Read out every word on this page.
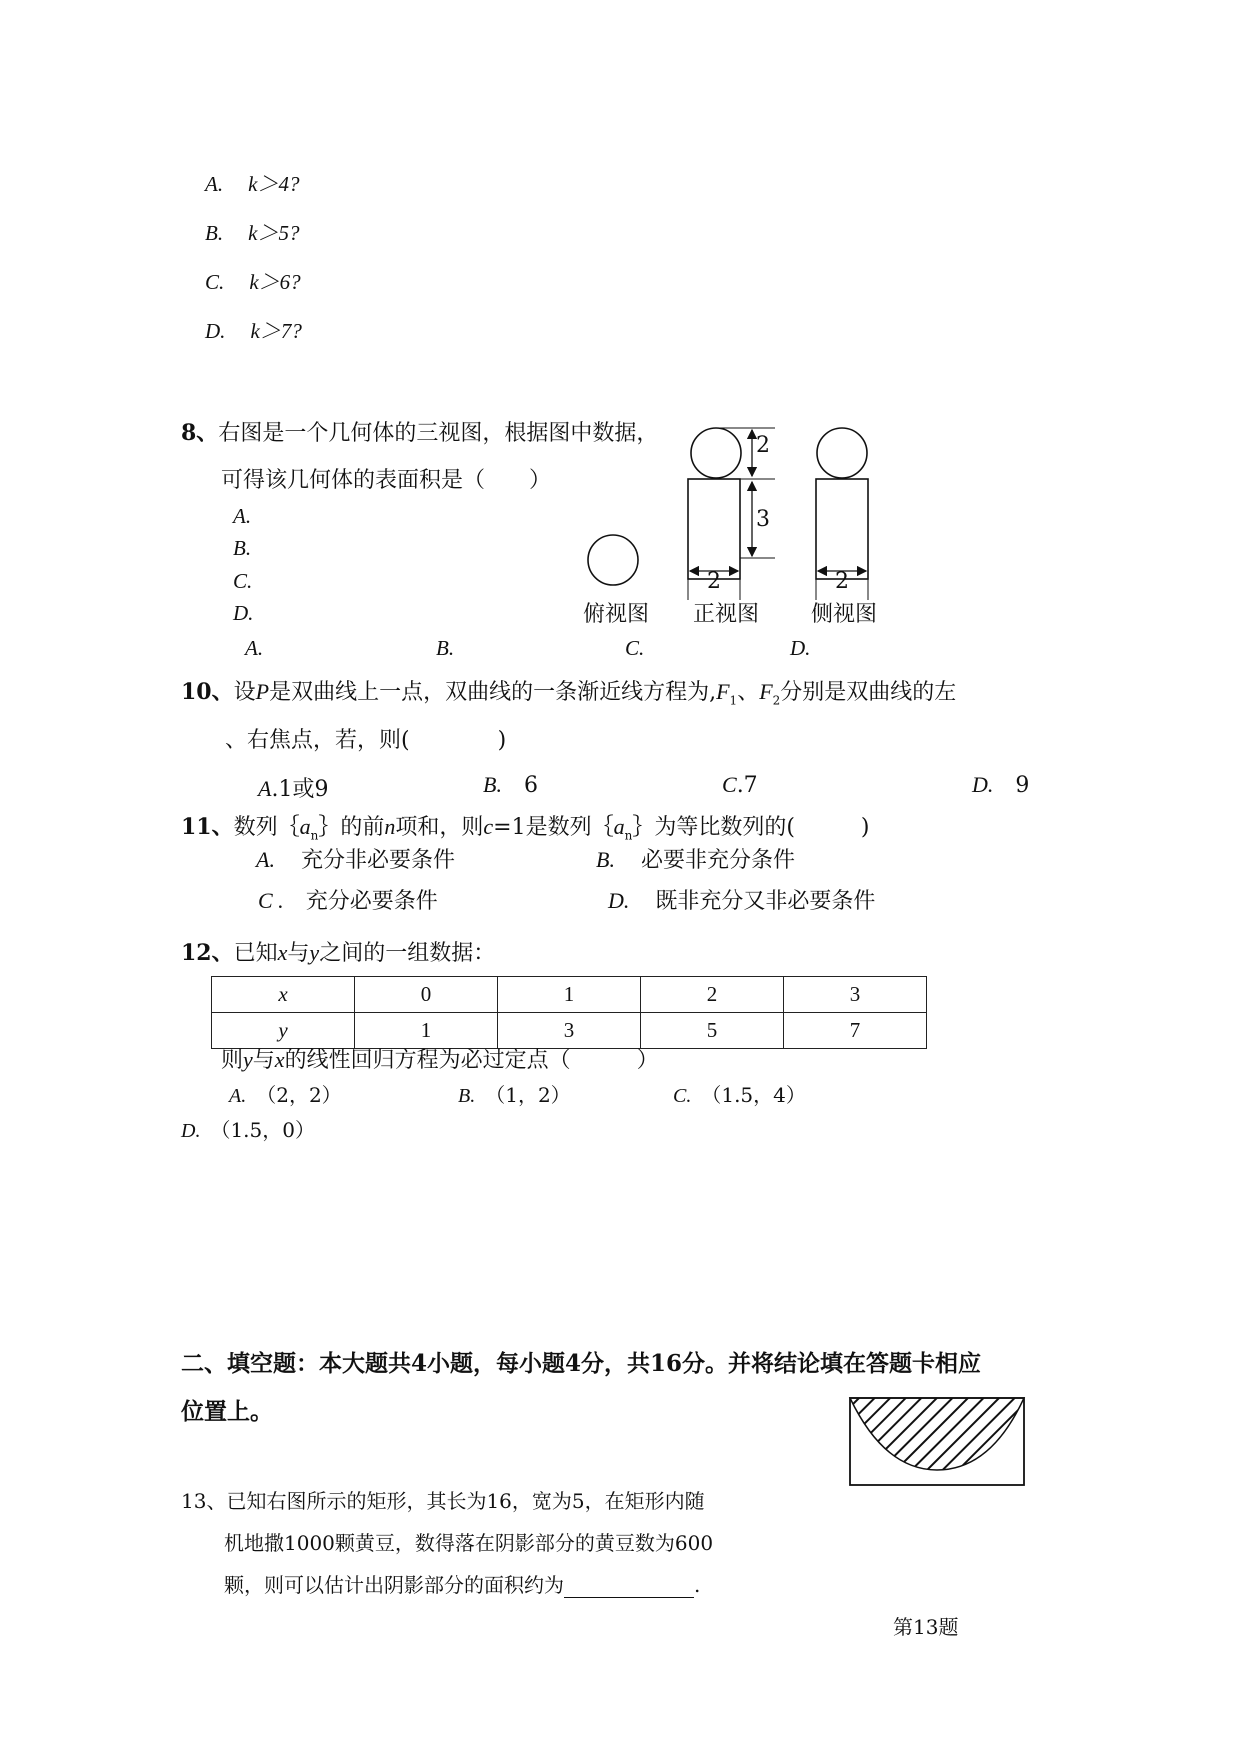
A. k＞4?
B. k＞5?
C. k＞6?
D. k＞7?
8、右图是一个几何体的三视图，根据图中数据，
可得该几何体的表面积是（　　）
A.
B.
C.
D.
2
3
2	2
俯视图 正视图 侧视图
A.	B.	C.	D.
10、设P是双曲线上一点，双曲线的一条渐近线方程为$,F_1$、$F_2$分别是双曲线的左
、右焦点，若，则(　　　　)
A.1或9	B. 6	C.7	D. 9
11、数列$\{a_n\}$的前n项和，则c=1是数列$\{a_n\}$为等比数列的(　　　)
A. 充分非必要条件	B. 必要非充分条件
C . 充分必要条件	D. 既非充分又非必要条件
12、已知x与y之间的一组数据：
x	0	1	2	3
y	1	3	5	7
则y与x的线性回归方程为必过定点（　　　）
A. （2，2）	B. （1，2）	C. （1.5，4）
D. （1.5，0）
二、填空题：本大题共4小题，每小题4分，共16分。并将结论填在答题卡相应
位置上。
13、已知右图所示的矩形，其长为16，宽为5，在矩形内随
机地撒1000颗黄豆，数得落在阴影部分的黄豆数为600
颗，则可以估计出阴影部分的面积约为	.
第13题
